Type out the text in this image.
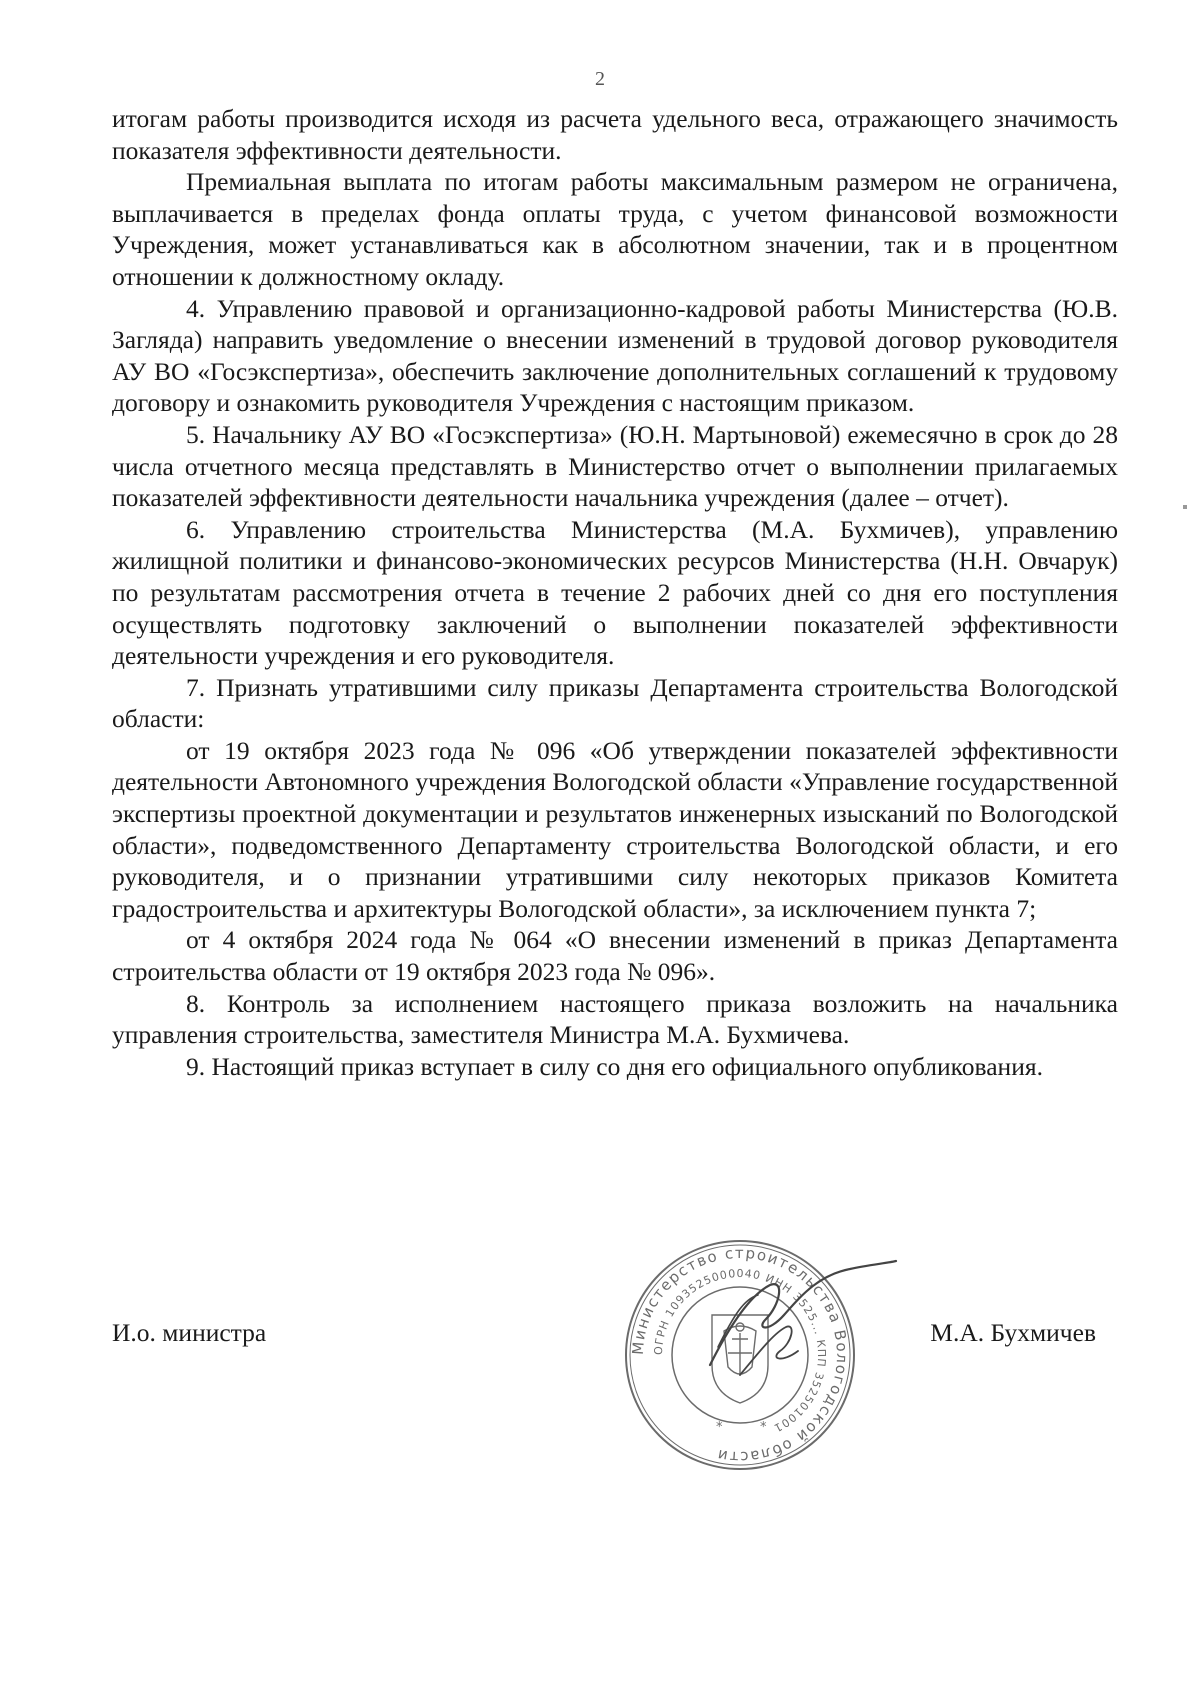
2

итогам работы производится исходя из расчета удельного веса, отражающего значимость показателя эффективности деятельности.

Премиальная выплата по итогам работы максимальным размером не ограничена, выплачивается в пределах фонда оплаты труда, с учетом финансовой возможности Учреждения, может устанавливаться как в абсолютном значении, так и в процентном отношении к должностному окладу.

4. Управлению правовой и организационно-кадровой работы Министерства (Ю.В. Загляда) направить уведомление о внесении изменений в трудовой договор руководителя АУ ВО «Госэкспертиза», обеспечить заключение дополнительных соглашений к трудовому договору и ознакомить руководителя Учреждения с настоящим приказом.

5. Начальнику АУ ВО «Госэкспертиза» (Ю.Н. Мартыновой) ежемесячно в срок до 28 числа отчетного месяца представлять в Министерство отчет о выполнении прилагаемых показателей эффективности деятельности начальника учреждения (далее – отчет).

6. Управлению строительства Министерства (М.А. Бухмичев), управлению жилищной политики и финансово-экономических ресурсов Министерства (Н.Н. Овчарук) по результатам рассмотрения отчета в течение 2 рабочих дней со дня его поступления осуществлять подготовку заключений о выполнении показателей эффективности деятельности учреждения и его руководителя.

7. Признать утратившими силу приказы Департамента строительства Вологодской области:

от 19 октября 2023 года № 096 «Об утверждении показателей эффективности деятельности Автономного учреждения Вологодской области «Управление государственной экспертизы проектной документации и результатов инженерных изысканий по Вологодской области», подведомственного Департаменту строительства Вологодской области, и его руководителя, и о признании утратившими силу некоторых приказов Комитета градостроительства и архитектуры Вологодской области», за исключением пункта 7;

от 4 октября 2024 года № 064 «О внесении изменений в приказ Департамента строительства области от 19 октября 2023 года № 096».

8. Контроль за исполнением настоящего приказа возложить на начальника управления строительства, заместителя Министра М.А. Бухмичева.

9. Настоящий приказ вступает в силу со дня его официального опубликования.

И.о. министра	М.А. Бухмичев
Министерство строительства Вологодской области
ОГРН 1093525000040 ИНН 3525... КПП 352501001
*	*
